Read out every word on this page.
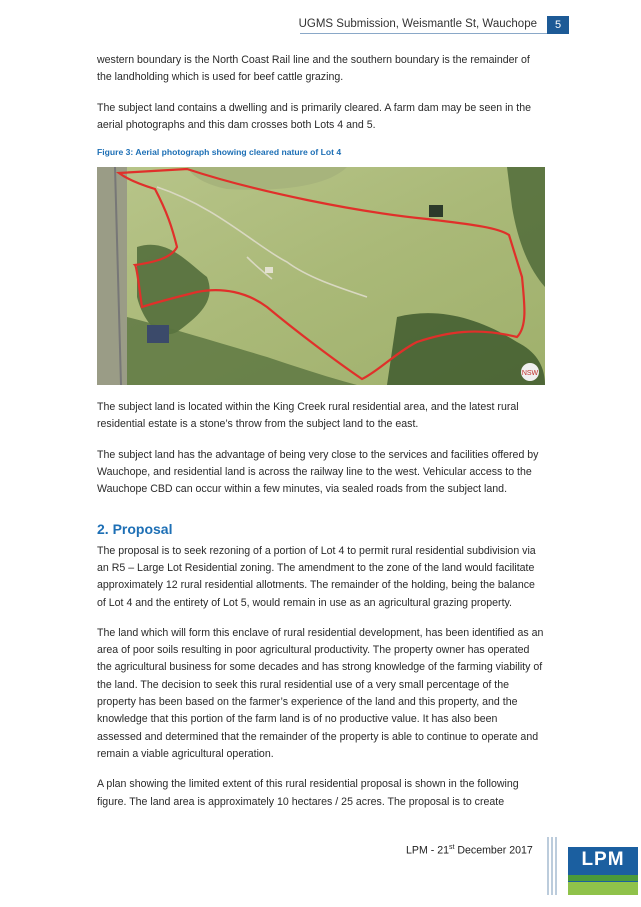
UGMS Submission, Weismantle St, Wauchope	5

western boundary is the North Coast Rail line and the southern boundary is the remainder of the landholding which is used for beef cattle grazing.

The subject land contains a dwelling and is primarily cleared. A farm dam may be seen in the aerial photographs and this dam crosses both Lots 4 and 5.

Figure 3: Aerial photograph showing cleared nature of Lot 4
NSW

The subject land is located within the King Creek rural residential area, and the latest rural residential estate is a stone’s throw from the subject land to the east.

The subject land has the advantage of being very close to the services and facilities offered by Wauchope, and residential land is across the railway line to the west. Vehicular access to the Wauchope CBD can occur within a few minutes, via sealed roads from the subject land.

2. Proposal

The proposal is to seek rezoning of a portion of Lot 4 to permit rural residential subdivision via an R5 – Large Lot Residential zoning. The amendment to the zone of the land would facilitate approximately 12 rural residential allotments. The remainder of the holding, being the balance of Lot 4 and the entirety of Lot 5, would remain in use as an agricultural grazing property.

The land which will form this enclave of rural residential development, has been identified as an area of poor soils resulting in poor agricultural productivity. The property owner has operated the agricultural business for some decades and has strong knowledge of the farming viability of the land. The decision to seek this rural residential use of a very small percentage of the property has been based on the farmer’s experience of the land and this property, and the knowledge that this portion of the farm land is of no productive value. It has also been assessed and determined that the remainder of the property is able to continue to operate and remain a viable agricultural operation.

A plan showing the limited extent of this rural residential proposal is shown in the following figure. The land area is approximately 10 hectares / 25 acres. The proposal is to create

LPM - 21st December 2017	LPM
